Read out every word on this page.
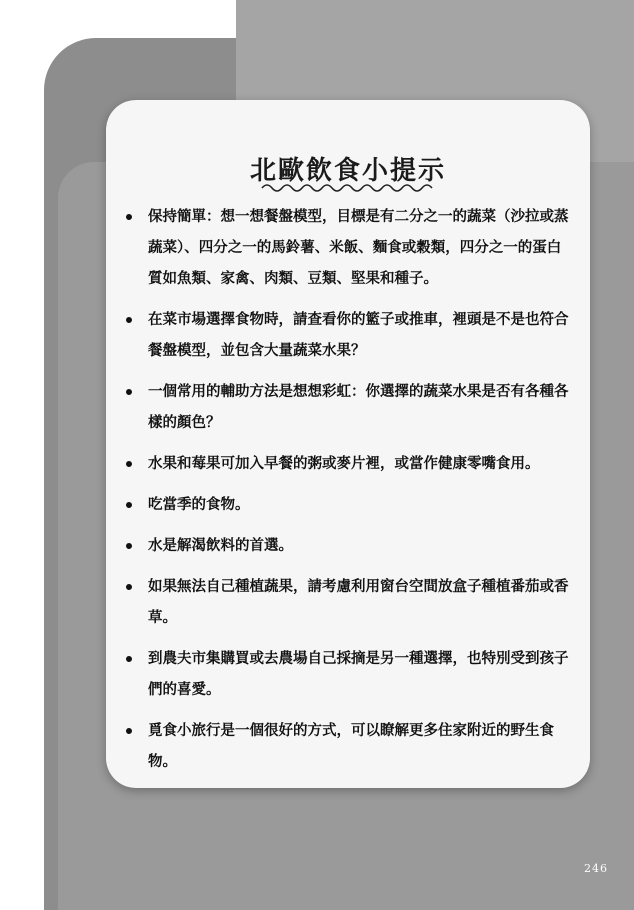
北歐飲食小提示
保持簡單：想一想餐盤模型，目標是有二分之一的蔬菜（沙拉或蒸蔬菜）、四分之一的馬鈴薯、米飯、麵食或穀類，四分之一的蛋白質如魚類、家禽、肉類、豆類、堅果和種子。
在菜市場選擇食物時，請查看你的籃子或推車，裡頭是不是也符合餐盤模型，並包含大量蔬菜水果？
一個常用的輔助方法是想想彩虹：你選擇的蔬菜水果是否有各種各樣的顏色？
水果和莓果可加入早餐的粥或麥片裡，或當作健康零嘴食用。
吃當季的食物。
水是解渴飲料的首選。
如果無法自己種植蔬果，請考慮利用窗台空間放盒子種植番茄或香草。
到農夫市集購買或去農場自己採摘是另一種選擇，也特別受到孩子們的喜愛。
覓食小旅行是一個很好的方式，可以瞭解更多住家附近的野生食物。
246
